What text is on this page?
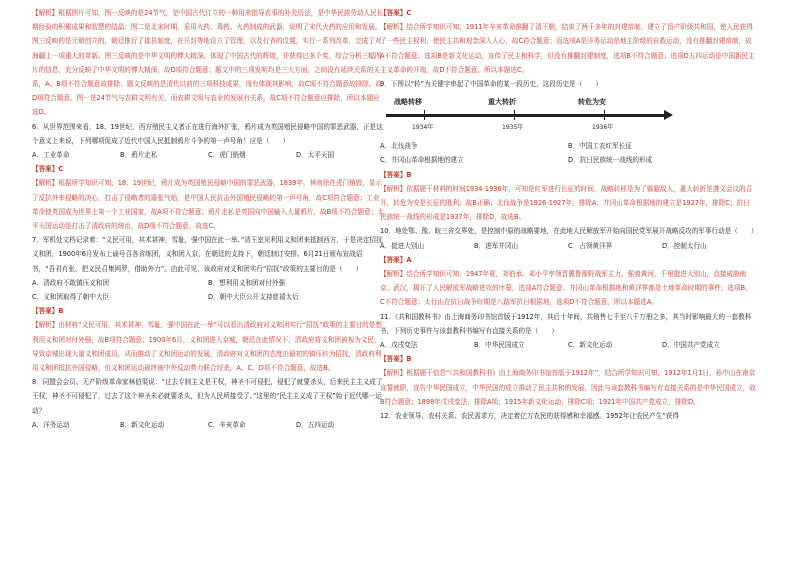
【解析】根据图片可知，图一反映的是24节气，是中国古代订立的一种用来指导农事的补充历法，是中华民族劳动人民长期经验的积累成果和智慧的结晶；图二是北宋时期，采用火药、毒药、火药制成的武器，说明了宋代火药的应用和发展。图三反映的是元朝创立的，朝廷推行了郡县制度，在开封等地设立了管理，以及行省的设置，实行一系列改革，完成了对海疆上一项重大的革新。图三反映的是中华文明的博大精深，体现了中国古代的辉煌，并获得过多个奖，综合分析三幅图片的信息，充分反映了中华文明的博大精深，故D项符合题意；题文中的三项发明均是三大方面，之间没有延续关系的关系，A、B项不符合题意故排除；题文反映的是清代以前的三项科技成果，没有体现其影响，故C项不符合题意故排除。故D项符合题意。图一是24节气与农耕文明有关，而农耕文明与农业的发展有关系，故C项不符合题意应排除，所以本题应选D。

6．从世界范围来看，18、19世纪，西方殖民主义者正在进行海外扩张，鸦片成为英国殖民侵略中国的罪恶武器，正是这个意义上来说，下列哪项促成了近代中国人民抵制鸦片斗争的第一声号角！应是（　　）

A．工业革命	B．鸦片走私	C．虎门销烟	D．太平天国

【答案】C

【解析】根据所学知识可知，18、19世纪，鸦片成为英国殖民侵略中国的罪恶武器，1839年，林则徐在虎门销毁，显示了反抗外来侵略的决心，打击了侵略者的嚣张气焰，是中国人民抗击外国殖民侵略的第一声号角，故C项符合题意；工业革命使英国成为世界上第一个工业国家，故A项不符合题意；鸦片走私是英国向中国输入大量鸦片，故B项不符合题意；太平天国运动是打击了清政府的统治，故D项不符合题意，故选C。

7．军机处文档记录着：“义民可用，其术甚神，雪耻，强中国在此一举。”清王室见利用义和团来抵制西方，于是决定招抚义和团，1900年6月发布上谕号召各省练团，义和团入京，在朝廷的支持下，朝廷制订安排。6月21日颁布宣战诏书，“吾君有张，把义民召集网罗，借助外力”。由此可见，该政府对义和团实行“招抚”政策的主要目的是（　　）

A．清政府不敢镇压义和团	B．想利用义和团对付外强
C．义和团取得了朝中大臣	D．朝中大臣公开支持慈禧太后

【答案】B

【解析】由材料“义民可用，其术甚神，雪耻，强中国在此一举”可以看出清政府对义和团实行“招抚”政策的主要目的是想利用义和团对付外强，故B项符合题意；1900年6月，义和团进入京城，朝廷在此情况下，清政府将义和团被视为义民，导致京城出现大量义和团成员，从而推动了义和团运动的发展，清政府对义和团的态度由最初的镇压转为招抚，清政府利用义和团抵抗外国侵略，但义和团运动最终被中外反动势力联合绞杀，A、C、D项不符合题意，故选B。

8．同盟会会员、无产阶级革命家林伯渠说：“过去专制主义是王权，神圣不可侵犯，侵犯了就要杀头，后来民主主义成了王权，神圣不可侵犯了，过去了这个神圣未必就要杀头，但为人民所接受了。”这里的“民主主义成了王权”始于近代哪一运动？

A．洋务运动	B．新文化运动	C．辛亥革命	D．五四运动

【答案】C

【解析】结合所学知识可知，1911年辛亥革命推翻了清王朝，结束了两千多年的封建帝制，建立了资产阶级共和国，使人民获得了一些民主权利，使民主共和观念深入人心，故C符合题意；而选项A是洋务运动是地主阶级的自救运动，没有推翻封建帝制，故A不符合题意；选项B是新文化运动，宣传了民主和科学，但没有推翻封建制度，选项B不符合题意；选项D五四运动是中国新民主主义革命的开端，故D不符合题意，所以本题选C。

9．下图以“转”为关键字串起了中国革命的某一段历史，这段历史是（　　）

战略转移	重大转折	转危为安
1934年	1935年	1936年
A．北伐战争	B．中国工农红军长征
C．井冈山革命根据地的建立	D．抗日民族统一战线的形成

【答案】B

【解析】依据题干材料的时间1934-1936年，可知是红军进行长征的时间，战略转移是为了躲避敌人，重大转折是遵义会议的召开，转危为安是长征的胜利。故B正确；北伐战争是1926-1927年，排除A；井冈山革命根据地的建立是1927年，排除C；抗日民族统一战线的形成是1937年，排除D，故选B。

10．地处鄂、豫、皖三省交界处，是控制中原的战略要地，在此地人民解放军开始向国民党军展开战略反攻的军事行动是（　　）

A．挺进大别山	B．进军井冈山	C．占领黄洋界	D．控制太行山

【答案】A

【解析】结合所学知识可知，1947年夏，刘伯承、邓小平率领晋冀鲁豫野战军主力，强渡黄河，千里挺进大别山，直接威胁南京、武汉，揭开了人民解放军战略进攻的序幕，选项A符合题意；井冈山革命根据地和黄洋界都是土地革命时期的事件，选项B、C不符合题意；太行山在抗日战争时期是八路军抗日根据地，选项D不符合题意，所以本题选A。

11．《共和国教科书》由上海商务印书馆首版于1912年，其后十年间，共销售七千至八千万册之多，其当时影响最大的一套教科书，下列历史事件与该套教科书编写有直接关系的是（　　）

A．戊戌变法	B．中华民国成立	C．新文化运动	D．中国共产党成立

【答案】B

【解析】根据题干信息“《共和国教科书》由上海商务印书馆首版于1912年”，结合所学知识可知，1912年1月1日，孙中山在南京宣誓就职，宣告中华民国成立，中华民国的成立推动了民主共和的发展，因此与该套教科书编写有直接关系的是中华民国成立，故B符合题意；1898年戊戌变法，排除A项；1915年新文化运动，排除C项；1921年中国共产党成立，排除D。

12．农业领导、农村关系、农民需求方，决定着亿万农民的获得感和幸福感。1952年让农民产生“获得
